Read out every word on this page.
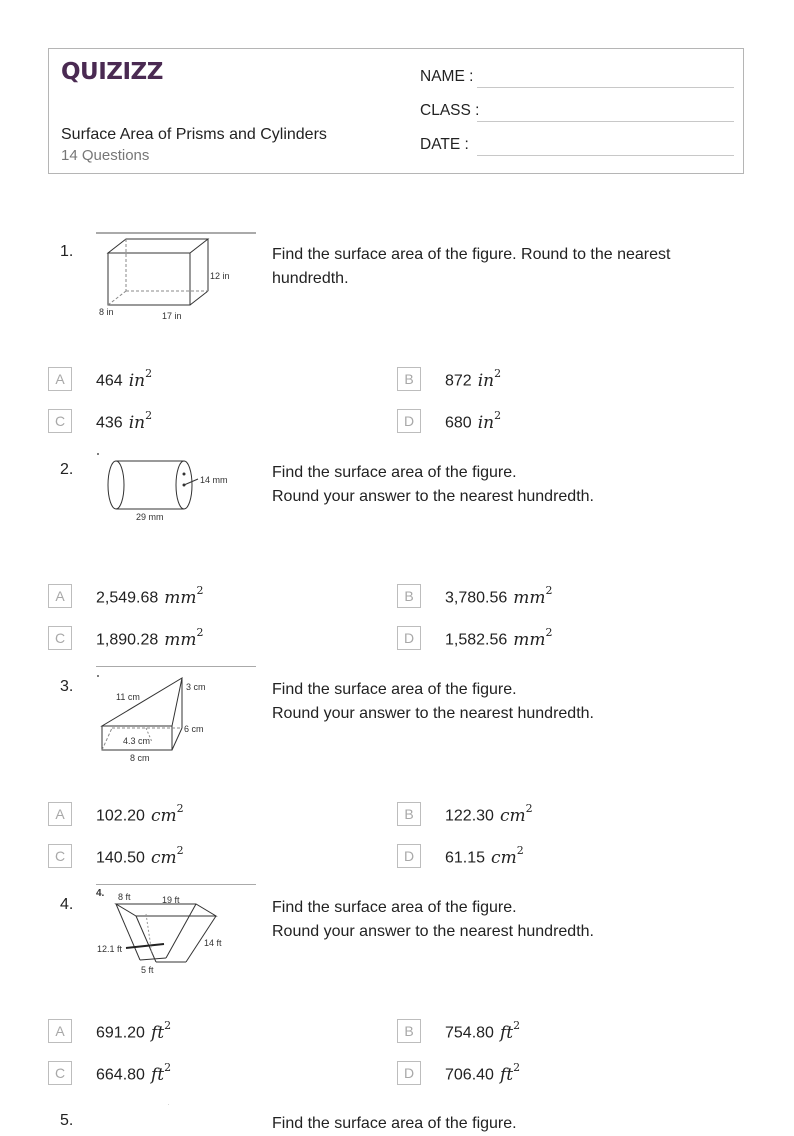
QUIZIZZ
Surface Area of Prisms and Cylinders
14 Questions
NAME :
CLASS :
DATE :
1.
12 in
8 in	17 in
Find the surface area of the figure. Round to the nearest
hundredth.
A	464 $in^2$	B	872 $in^2$
C	436 $in^2$	D	680 $in^2$
2.
14 mm
29 mm
Find the surface area of the figure.
Round your answer to the nearest hundredth.
A	2,549.68 $mm^2$	B	3,780.56 $mm^2$
C	1,890.28 $mm^2$	D	1,582.56 $mm^2$
3.
11 cm
3 cm
6 cm
4.3 cm
8 cm
Find the surface area of the figure.
Round your answer to the nearest hundredth.
A	102.20 $cm^2$	B	122.30 $cm^2$
C	140.50 $cm^2$	D	61.15 $cm^2$
4.
4. 8 ft	19 ft
12.1 ft
14 ft
5 ft
Find the surface area of the figure.
Round your answer to the nearest hundredth.
A	691.20 $ft^2$	B	754.80 $ft^2$
C	664.80 $ft^2$	D	706.40 $ft^2$
5.
5.
Find the surface area of the figure.
